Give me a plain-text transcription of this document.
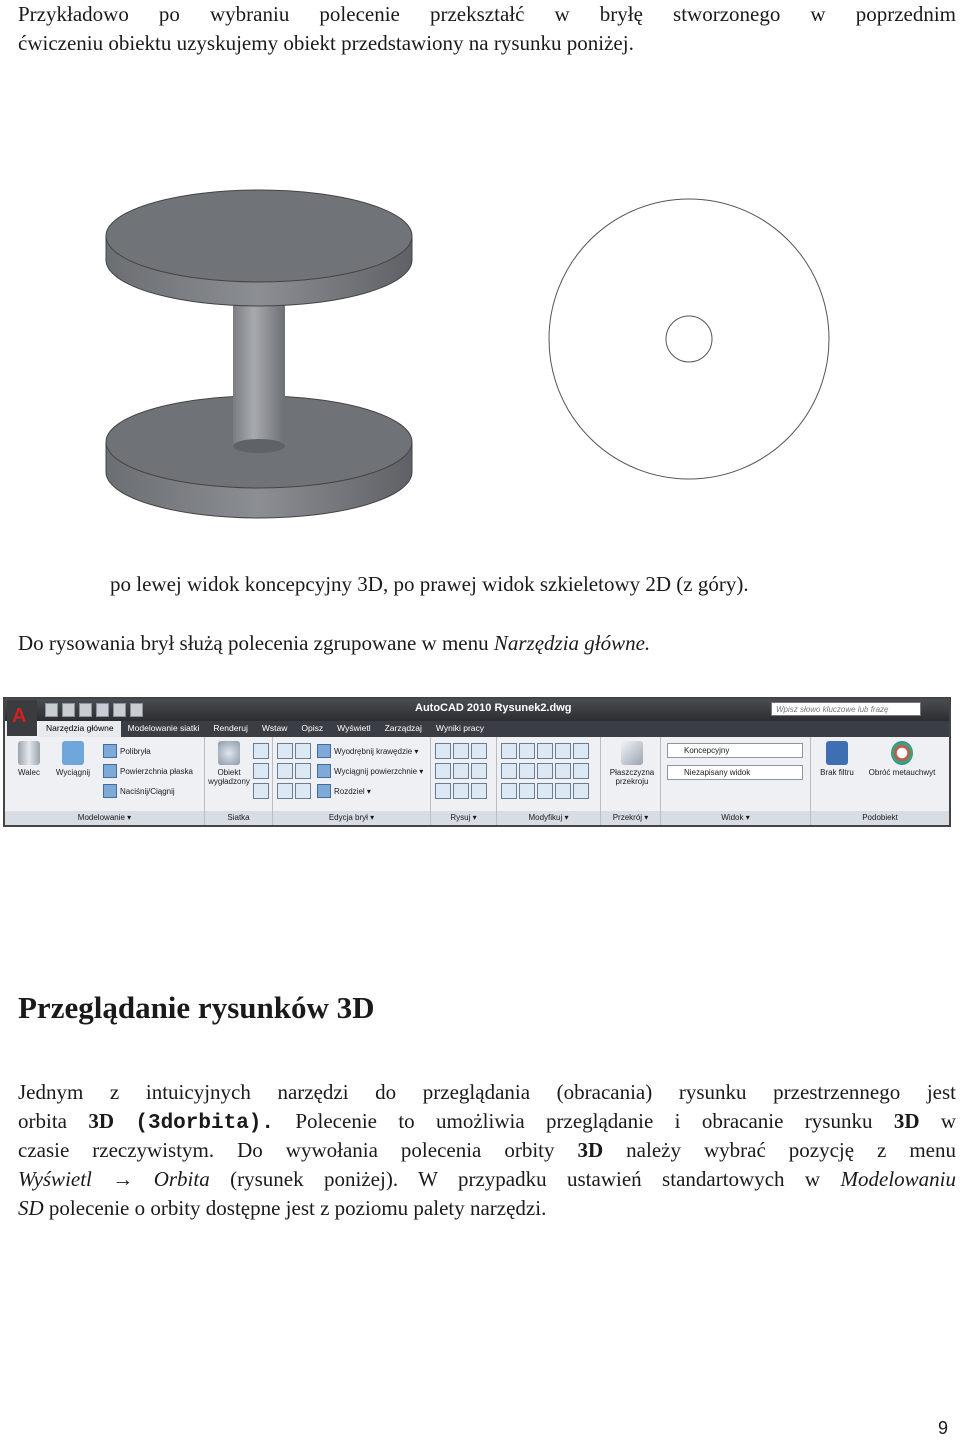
Przykładowo po wybraniu polecenie przekształć w bryłę stworzonego w poprzednim
ćwiczeniu obiektu uzyskujemy obiekt przedstawiony na rysunku poniżej.
po lewej widok koncepcyjny 3D, po prawej widok szkieletowy 2D (z góry).
Do rysowania brył służą polecenia zgrupowane w menu Narzędzia główne.
AutoCAD 2010 Rysunek2.dwg	Wpisz słowo kluczowe lub frazę
A
Narzędzia główne	Modelowanie siatki	Renderuj	Wstaw	Opisz	Wyświetl	Zarządzaj	Wyniki pracy
Walec	Wyciągnij
Polibryła
Powierzchnia płaska
Naciśnij/Ciągnij
Modelowanie ▾
Obiekt wygładzony
Siatka
Wyodrębnij krawędzie ▾
Wyciągnij powierzchnie ▾
Rozdziel ▾
Edycja brył ▾	Rysuj ▾	Modyfikuj ▾
Płaszczyzna przekroju
Przekrój ▾
Koncepcyjny
Niezapisany widok
Widok ▾
Brak filtru	Obróć metauchwyt
Podobiekt
Przeglądanie rysunków 3D
Jednym z intuicyjnych narzędzi do przeglądania (obracania) rysunku przestrzennego jest
orbita 3D (3dorbita). Polecenie to umożliwia przeglądanie i obracanie rysunku 3D w
czasie rzeczywistym. Do wywołania polecenia orbity 3D należy wybrać pozycję z menu
Wyświetl → Orbita (rysunek poniżej). W przypadku ustawień standartowych w Modelowaniu
SD polecenie o orbity dostępne jest z poziomu palety narzędzi.
9
